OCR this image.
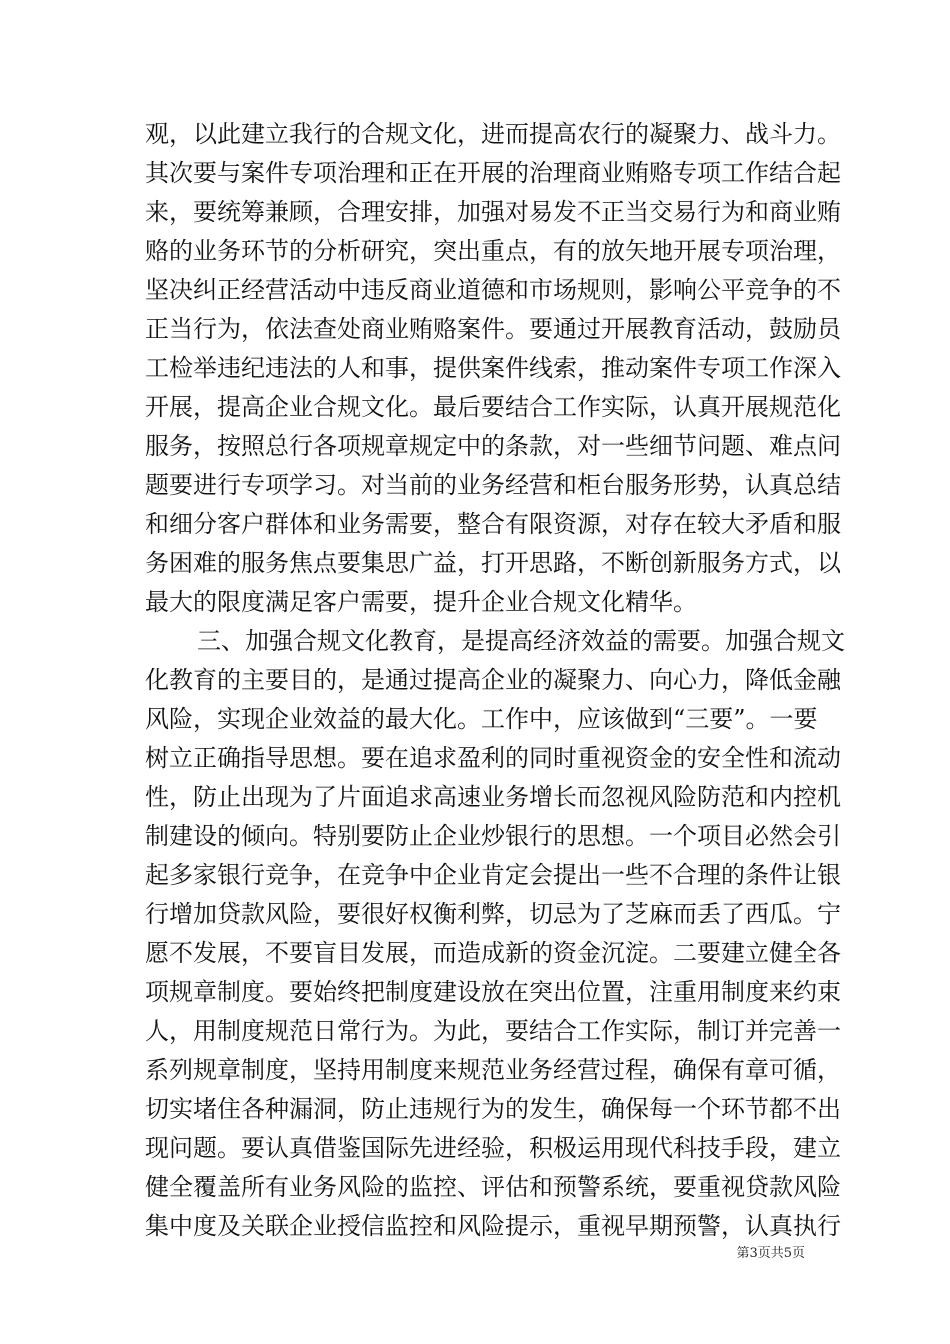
观，以此建立我行的合规文化，进而提高农行的凝聚力、战斗力。
其次要与案件专项治理和正在开展的治理商业贿赂专项工作结合起
来，要统筹兼顾，合理安排，加强对易发不正当交易行为和商业贿
赂的业务环节的分析研究，突出重点，有的放矢地开展专项治理，
坚决纠正经营活动中违反商业道德和市场规则，影响公平竞争的不
正当行为，依法查处商业贿赂案件。要通过开展教育活动，鼓励员
工检举违纪违法的人和事，提供案件线索，推动案件专项工作深入
开展，提高企业合规文化。最后要结合工作实际，认真开展规范化
服务，按照总行各项规章规定中的条款，对一些细节问题、难点问
题要进行专项学习。对当前的业务经营和柜台服务形势，认真总结
和细分客户群体和业务需要，整合有限资源，对存在较大矛盾和服
务困难的服务焦点要集思广益，打开思路，不断创新服务方式，以
最大的限度满足客户需要，提升企业合规文化精华。
三、加强合规文化教育，是提高经济效益的需要。加强合规文
化教育的主要目的，是通过提高企业的凝聚力、向心力，降低金融
风险，实现企业效益的最大化。工作中，应该做到“三要”。一要
树立正确指导思想。要在追求盈利的同时重视资金的安全性和流动
性，防止出现为了片面追求高速业务增长而忽视风险防范和内控机
制建设的倾向。特别要防止企业炒银行的思想。一个项目必然会引
起多家银行竞争，在竞争中企业肯定会提出一些不合理的条件让银
行增加贷款风险，要很好权衡利弊，切忌为了芝麻而丢了西瓜。宁
愿不发展，不要盲目发展，而造成新的资金沉淀。二要建立健全各
项规章制度。要始终把制度建设放在突出位置，注重用制度来约束
人，用制度规范日常行为。为此，要结合工作实际，制订并完善一
系列规章制度，坚持用制度来规范业务经营过程，确保有章可循，
切实堵住各种漏洞，防止违规行为的发生，确保每一个环节都不出
现问题。要认真借鉴国际先进经验，积极运用现代科技手段，建立
健全覆盖所有业务风险的监控、评估和预警系统，要重视贷款风险
集中度及关联企业授信监控和风险提示，重视早期预警，认真执行
第3页共5页
